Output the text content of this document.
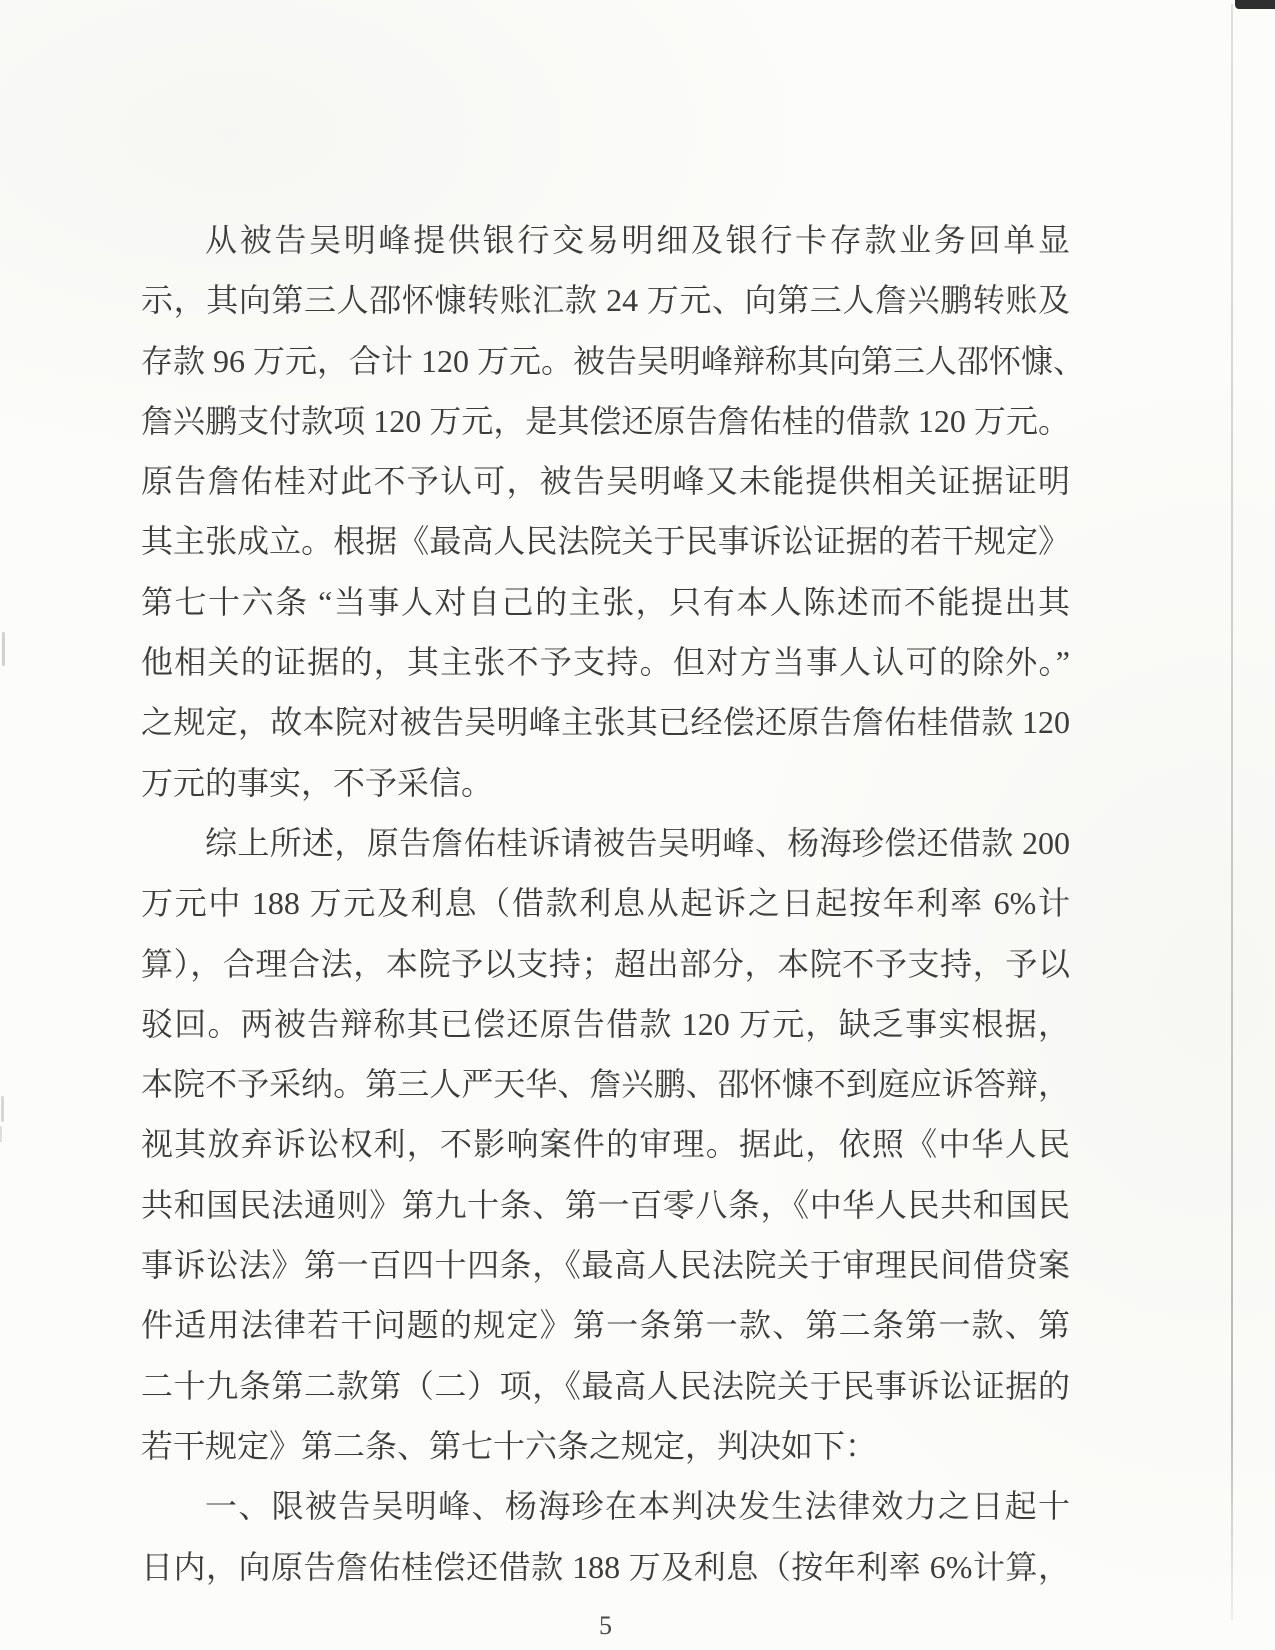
从被告吴明峰提供银行交易明细及银行卡存款业务回单显
示，其向第三人邵怀慷转账汇款 24 万元、向第三人詹兴鹏转账及
存款 96 万元，合计 120 万元。被告吴明峰辩称其向第三人邵怀慷、
詹兴鹏支付款项 120 万元，是其偿还原告詹佑桂的借款 120 万元。
原告詹佑桂对此不予认可，被告吴明峰又未能提供相关证据证明
其主张成立。根据《最高人民法院关于民事诉讼证据的若干规定》
第七十六条 “当事人对自己的主张，只有本人陈述而不能提出其
他相关的证据的，其主张不予支持。但对方当事人认可的除外。”
之规定，故本院对被告吴明峰主张其已经偿还原告詹佑桂借款 120
万元的事实，不予采信。
综上所述，原告詹佑桂诉请被告吴明峰、杨海珍偿还借款 200
万元中 188 万元及利息（借款利息从起诉之日起按年利率 6%计
算），合理合法，本院予以支持；超出部分，本院不予支持，予以
驳回。两被告辩称其已偿还原告借款 120 万元，缺乏事实根据，
本院不予采纳。第三人严天华、詹兴鹏、邵怀慷不到庭应诉答辩，
视其放弃诉讼权利，不影响案件的审理。据此，依照《中华人民
共和国民法通则》第九十条、第一百零八条，《中华人民共和国民
事诉讼法》第一百四十四条，《最高人民法院关于审理民间借贷案
件适用法律若干问题的规定》第一条第一款、第二条第一款、第
二十九条第二款第（二）项，《最高人民法院关于民事诉讼证据的
若干规定》第二条、第七十六条之规定，判决如下：
一、限被告吴明峰、杨海珍在本判决发生法律效力之日起十
日内，向原告詹佑桂偿还借款 188 万及利息（按年利率 6%计算，
5
